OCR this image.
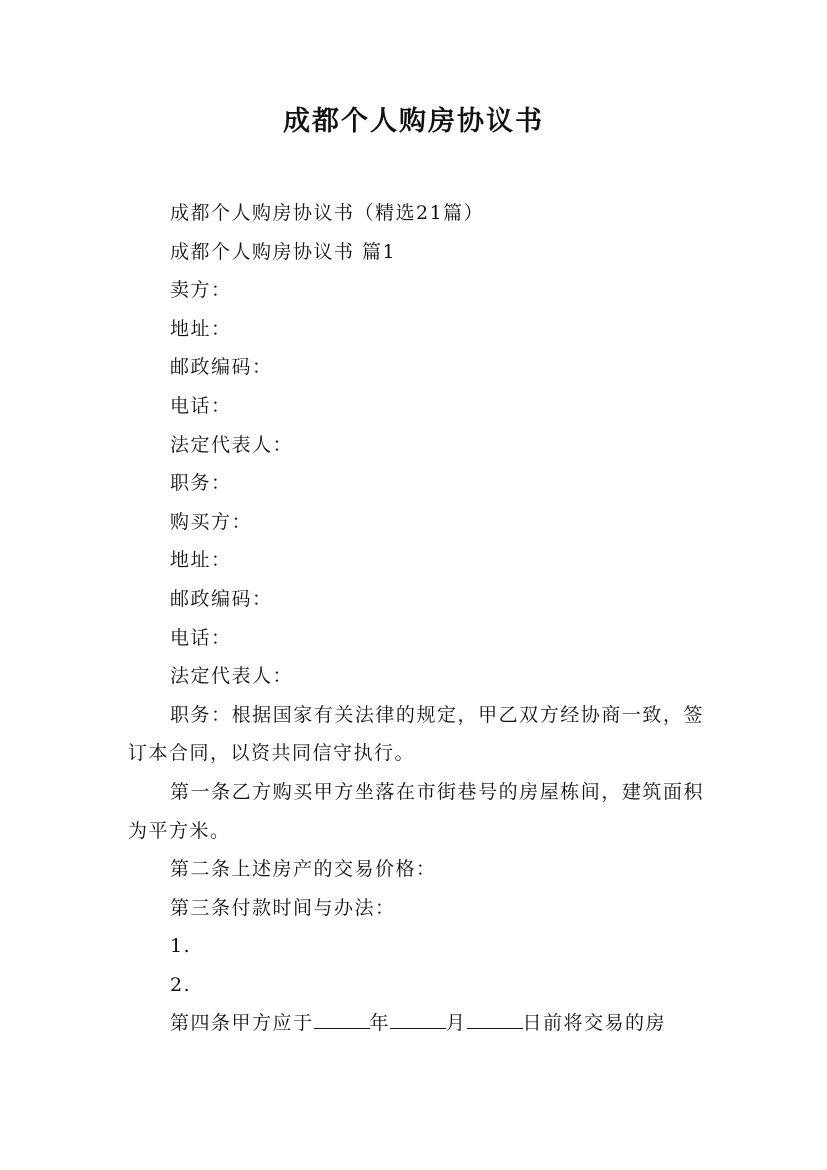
成都个人购房协议书

成都个人购房协议书（精选21篇）

成都个人购房协议书 篇1

卖方：

地址：

邮政编码：

电话：

法定代表人：

职务：

购买方：

地址：

邮政编码：

电话：

法定代表人：

职务：根据国家有关法律的规定，甲乙双方经协商一致，签订本合同，以资共同信守执行。

第一条乙方购买甲方坐落在市街巷号的房屋栋间，建筑面积为平方米。

第二条上述房产的交易价格：

第三条付款时间与办法：

1.

2.

第四条甲方应于	年	月	日前将交易的房
